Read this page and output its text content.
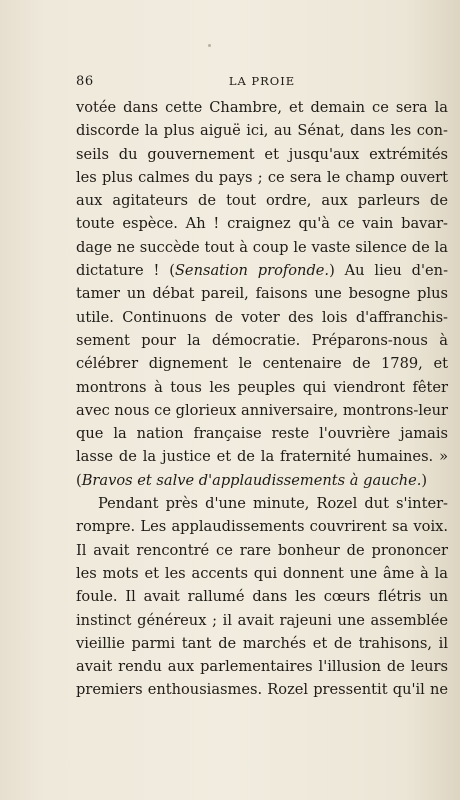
86	LA PROIE
votée dans cette Chambre, et demain ce sera la
discorde la plus aiguë ici, au Sénat, dans les con-
seils du gouvernement et jusqu'aux extrémités
les plus calmes du pays ; ce sera le champ ouvert
aux agitateurs de tout ordre, aux parleurs de
toute espèce. Ah ! craignez qu'à ce vain bavar-
dage ne succède tout à coup le vaste silence de la
dictature ! (Sensation profonde.) Au lieu d'en-
tamer un débat pareil, faisons une besogne plus
utile. Continuons de voter des lois d'affranchis-
sement pour la démocratie. Préparons-nous à
célébrer dignement le centenaire de 1789, et
montrons à tous les peuples qui viendront fêter
avec nous ce glorieux anniversaire, montrons-leur
que la nation française reste l'ouvrière jamais
lasse de la justice et de la fraternité humaines. »
(Bravos et salve d'applaudissements à gauche.)
Pendant près d'une minute, Rozel dut s'inter-
rompre. Les applaudissements couvrirent sa voix.
Il avait rencontré ce rare bonheur de prononcer
les mots et les accents qui donnent une âme à la
foule. Il avait rallumé dans les cœurs flétris un
instinct généreux ; il avait rajeuni une assemblée
vieillie parmi tant de marchés et de trahisons, il
avait rendu aux parlementaires l'illusion de leurs
premiers enthousiasmes. Rozel pressentit qu'il ne
